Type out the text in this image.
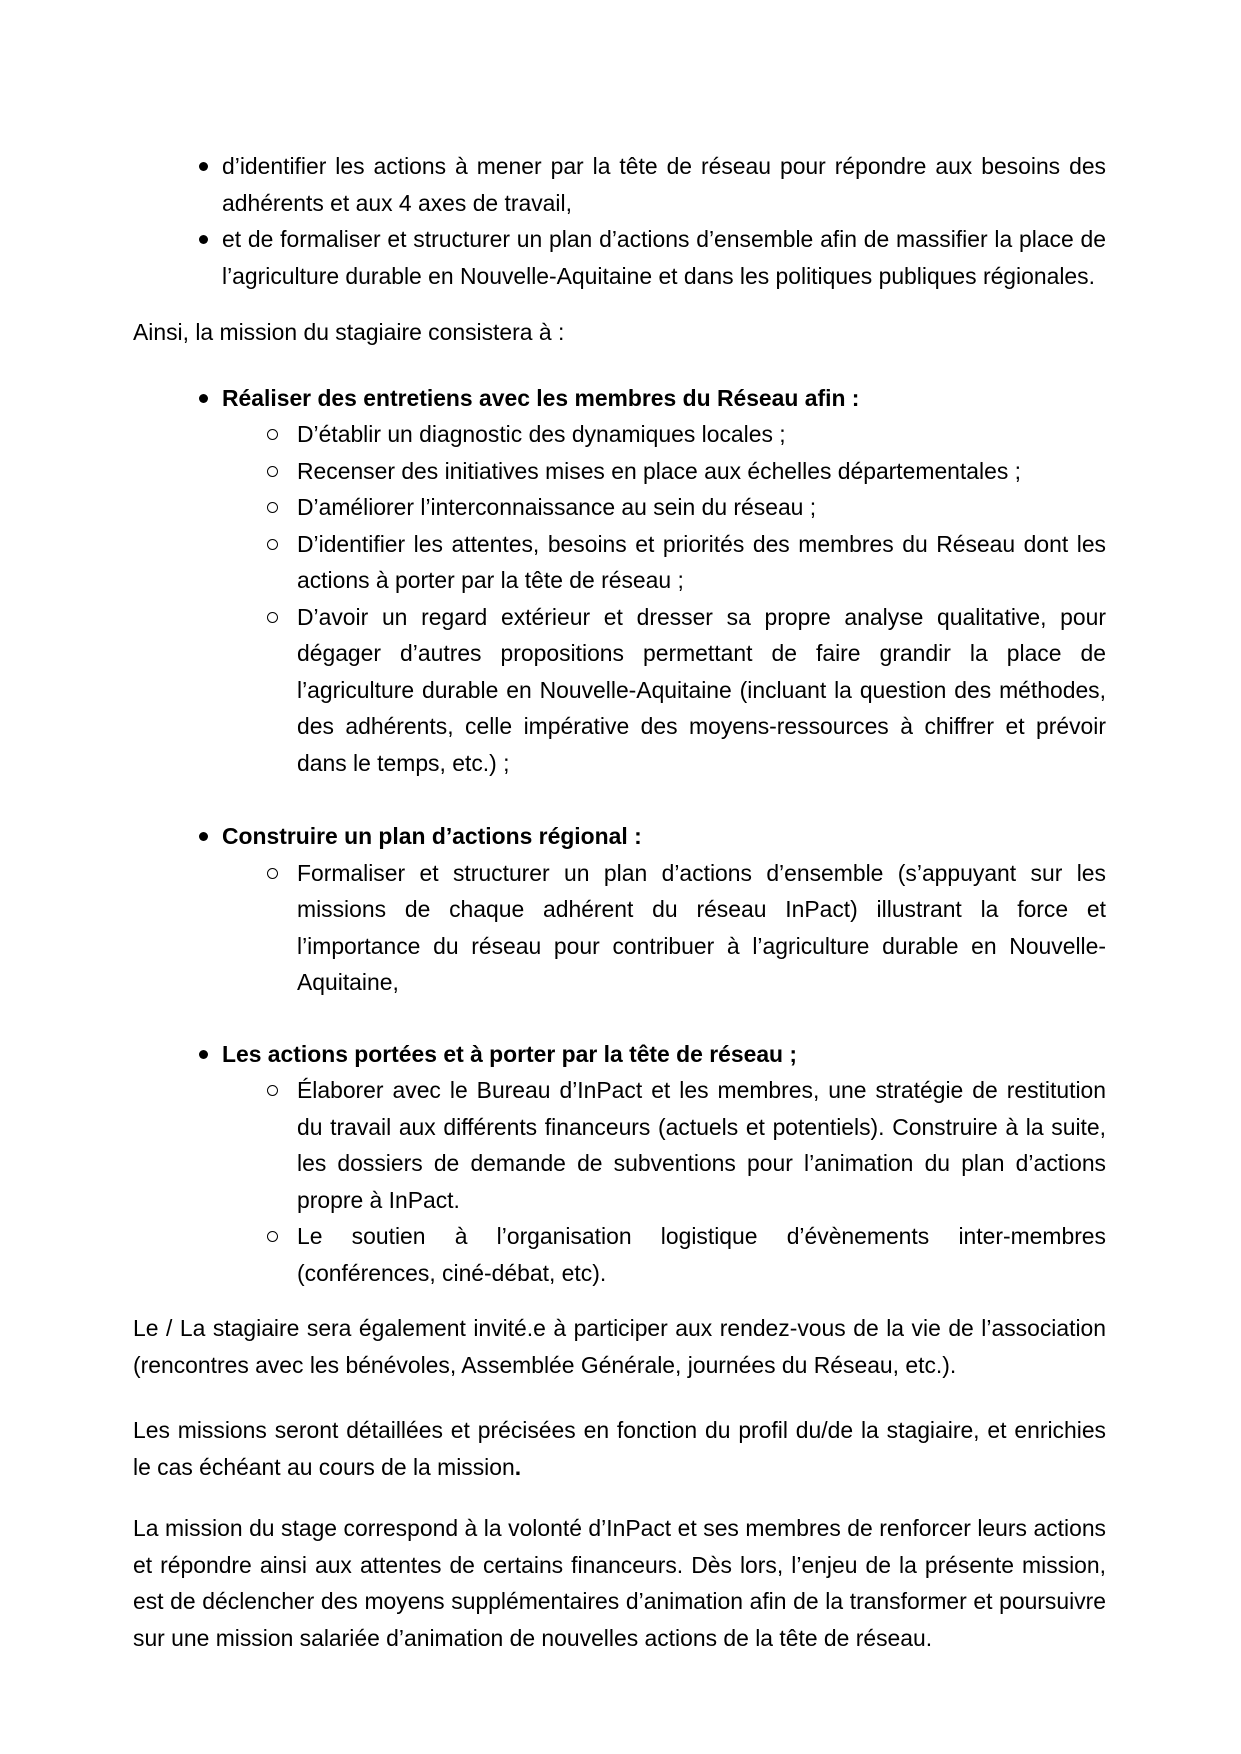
d’identifier les actions à mener par la tête de réseau pour répondre aux besoins des adhérents et aux 4 axes de travail,
et de formaliser et structurer un plan d’actions d’ensemble afin de massifier la place de l’agriculture durable en Nouvelle-Aquitaine et dans les politiques publiques régionales.

Ainsi, la mission du stagiaire consistera à :

Réaliser des entretiens avec les membres du Réseau afin :
D’établir un diagnostic des dynamiques locales ;
Recenser des initiatives mises en place aux échelles départementales ;
D’améliorer l’interconnaissance au sein du réseau ;
D’identifier les attentes, besoins et priorités des membres du Réseau dont les actions à porter par la tête de réseau ;
D’avoir un regard extérieur et dresser sa propre analyse qualitative, pour dégager d’autres propositions permettant de faire grandir la place de l’agriculture durable en Nouvelle-Aquitaine (incluant la question des méthodes, des adhérents, celle impérative des moyens-ressources à chiffrer et prévoir dans le temps, etc.) ;
Construire un plan d’actions régional :
Formaliser et structurer un plan d’actions d’ensemble (s’appuyant sur les missions de chaque adhérent du réseau InPact) illustrant la force et l’importance du réseau pour contribuer à l’agriculture durable en Nouvelle-Aquitaine,
Les actions portées et à porter par la tête de réseau ;
Élaborer avec le Bureau d’InPact et les membres, une stratégie de restitution du travail aux différents financeurs (actuels et potentiels). Construire à la suite, les dossiers de demande de subventions pour l’animation du plan d’actions propre à InPact.
Le soutien à l’organisation logistique d’évènements inter-membres (conférences, ciné-débat, etc).

Le / La stagiaire sera également invité.e à participer aux rendez-vous de la vie de l’association (rencontres avec les bénévoles, Assemblée Générale, journées du Réseau, etc.).

Les missions seront détaillées et précisées en fonction du profil du/de la stagiaire, et enrichies le cas échéant au cours de la mission.

La mission du stage correspond à la volonté d’InPact et ses membres de renforcer leurs actions et répondre ainsi aux attentes de certains financeurs. Dès lors, l’enjeu de la présente mission, est de déclencher des moyens supplémentaires d’animation afin de la transformer et poursuivre sur une mission salariée d’animation de nouvelles actions de la tête de réseau.
